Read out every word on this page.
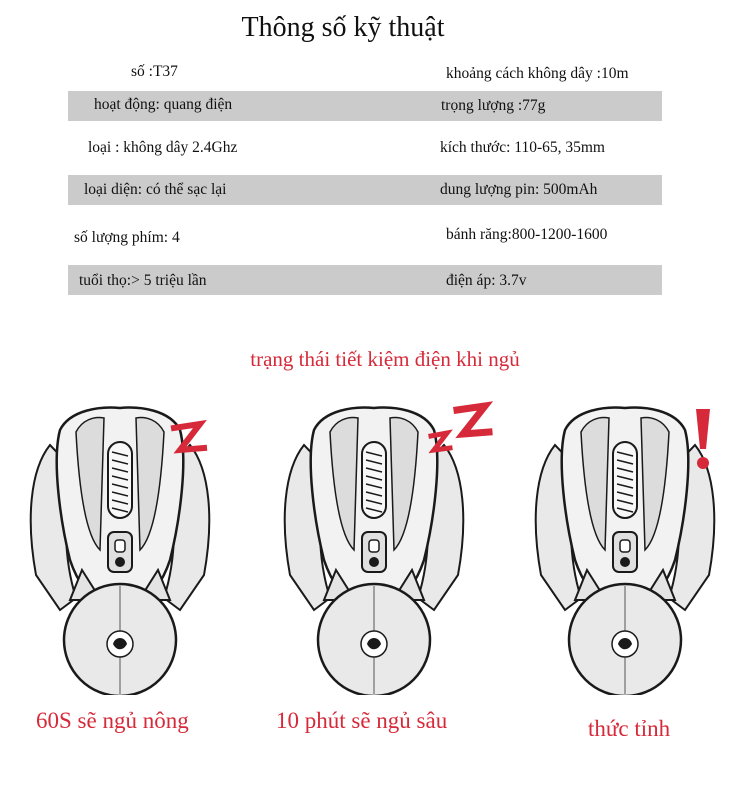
Thông số kỹ thuật
số :T37	khoảng cách không dây :10m
hoạt động: quang điện	trọng lượng :77g
loại : không dây 2.4Ghz	kích thước: 110-65, 35mm
loại diện: có thể sạc lại	dung lượng pin: 500mAh
số lượng phím: 4	bánh răng:800-1200-1600
tuổi thọ:> 5 triệu lần	điện áp: 3.7v
trạng thái tiết kiệm điện khi ngủ
60S sẽ ngủ nông	10 phút sẽ ngủ sâu	thức tỉnh
